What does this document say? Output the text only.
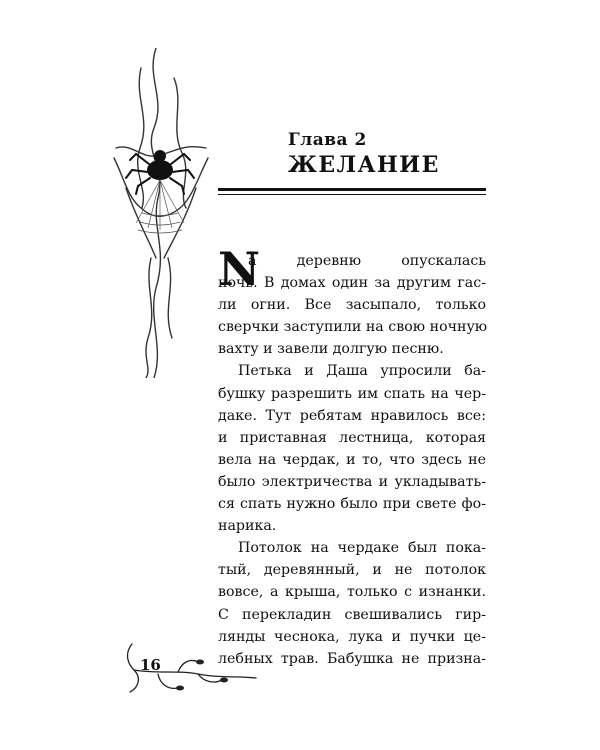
Глава 2
ЖЕЛАНИЕ
N
а деревню опускалась
ночь. В домах один за другим гас-
ли огни. Все засыпало, только
сверчки заступили на свою ночную
вахту и завели долгую песню.
Петька и Даша упросили ба-
бушку разрешить им спать на чер-
даке. Тут ребятам нравилось все:
и приставная лестница, которая
вела на чердак, и то, что здесь не
было электричества и укладывать-
ся спать нужно было при свете фо-
нарика.
Потолок на чердаке был пока-
тый, деревянный, и не потолок
вовсе, а крыша, только с изнанки.
С перекладин свешивались гир-
лянды чеснока, лука и пучки це-
лебных трав. Бабушка не призна-
16
